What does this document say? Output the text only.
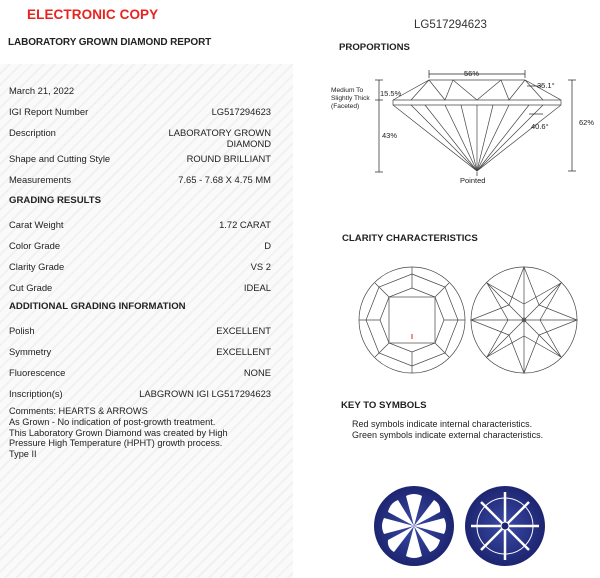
ELECTRONIC COPY
LG517294623
LABORATORY GROWN DIAMOND REPORT
March 21, 2022
IGI Report Number	LG517294623
Description	LABORATORY GROWN
DIAMOND
Shape and Cutting Style	ROUND BRILLIANT
Measurements	7.65 - 7.68 X 4.75 MM
GRADING RESULTS
Carat Weight	1.72 CARAT
Color Grade	D
Clarity Grade	VS 2
Cut Grade	IDEAL
ADDITIONAL GRADING INFORMATION
Polish	EXCELLENT
Symmetry	EXCELLENT
Fluorescence	NONE
Inscription(s)	LABGROWN IGI LG517294623
Comments: HEARTS & ARROWS
As Grown - No indication of post-growth treatment.
This Laboratory Grown Diamond was created by High
Pressure High Temperature (HPHT) growth process.
Type II
PROPORTIONS
56%
35.1°
15.5%
Medium To
Slightly Thick
(Faceted)
43%
40.6°	62%
Pointed
CLARITY CHARACTERISTICS
KEY TO SYMBOLS
Red symbols indicate internal characteristics.
Green symbols indicate external characteristics.
